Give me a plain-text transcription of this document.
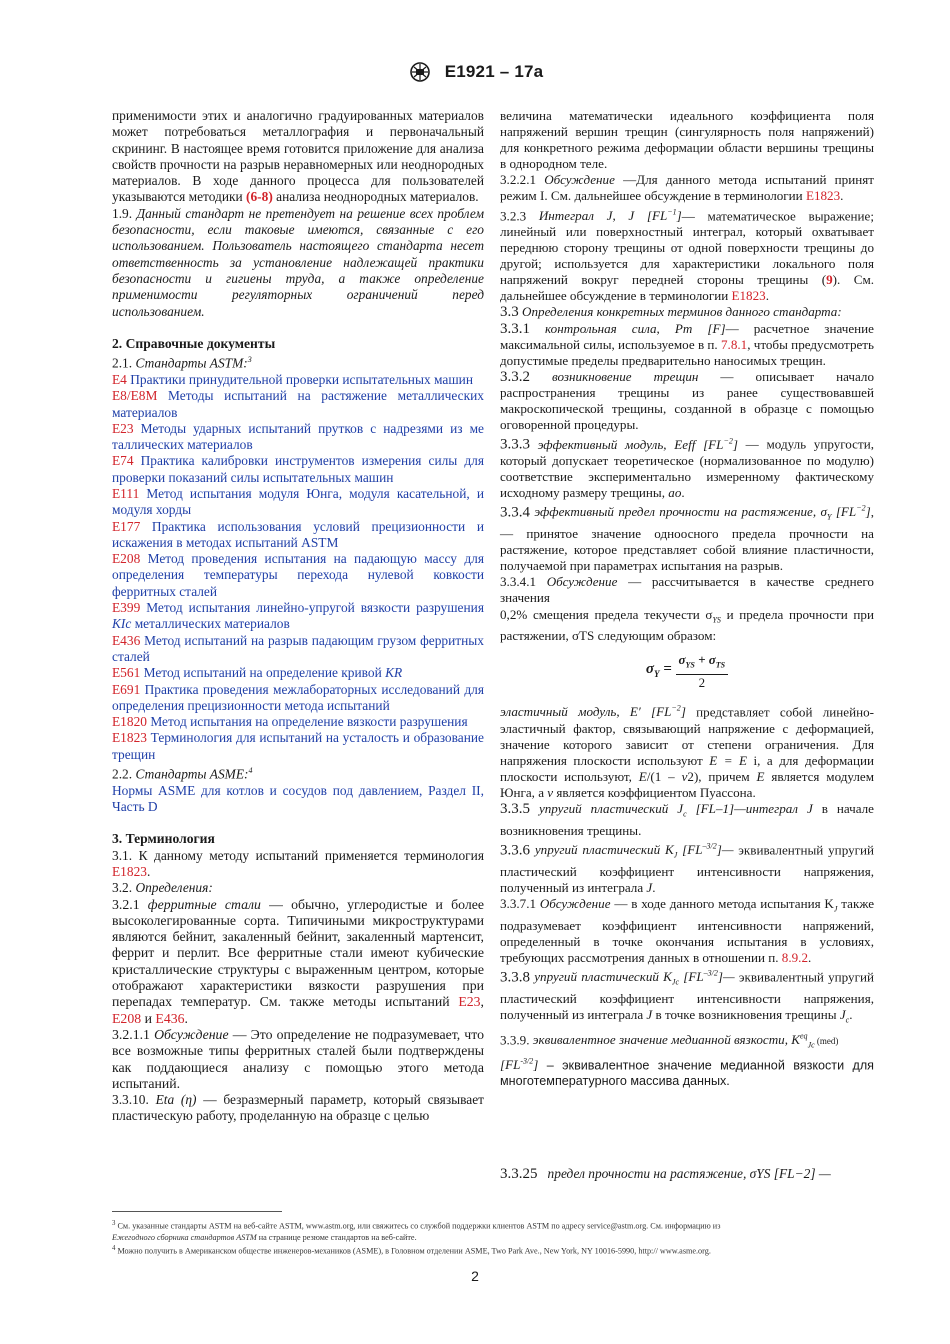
E1921 – 17a

применимости этих и аналогично градуированных материалов может потребоваться металлография и первоначальный скрининг. В настоящее время готовится приложение для анализа свойств прочности на разрыв неравномерных или неоднородных материалов. В ходе данного процесса для пользователей указываются методики (6-8) анализа неоднородных материалов.

1.9. Данный стандарт не претендует на решение всех проблем безопасности, если таковые имеются, связанные с его использованием. Пользователь настоящего стандарта несет ответственность за установление надлежащей практики безопасности и гигиены труда, а также определение применимости регуляторных ограничений перед использованием.

2. Справочные документы

2.1. Стандарты ASTM:$^3$

E4 Практики принудительной проверки испытательных машин

E8/E8M Методы испытаний на растяжение металлических материалов

E23 Методы ударных испытаний прутков с надрезями из ме таллических материалов

E74 Практика калибровки инструментов измерения силы для проверки показаний силы испытательных машин

E111 Метод испытания модуля Юнга, модуля касательной, и модуля хорды

E177 Практика использования условий прецизионности и искажения в методах испытаний ASTM

E208 Метод проведения испытания на падающую массу для определения температуры перехода нулевой ковкости ферритных сталей

E399 Метод испытания линейно-упругой вязкости разрушения KIc металлических материалов

E436 Метод испытаний на разрыв падающим грузом ферритных сталей

E561 Метод испытаний на определение кривой KR

E691 Практика проведения межлабораторных исследований для определения прецизионности метода испытаний

E1820 Метод испытания на определение вязкости разрушения

E1823 Терминология для испытаний на усталость и образование трещин

2.2. Стандарты ASME:$^4$

Нормы ASME для котлов и сосудов под давлением, Раздел II, Часть D

3. Терминология

3.1. К данному методу испытаний применяется терминология E1823.

3.2. Определения:

3.2.1 ферритные стали — обычно, углеродистые и более высоколегированные сорта. Типичиными микроструктурами являются бейнит, закаленный бейнит, закаленный мартенсит, феррит и перлит. Все ферритные стали имеют кубические кристаллические структуры с выраженным центром, которые отображают характеристики вязкости разрушения при перепадах температур. См. также методы испытаний E23, E208 и E436.

3.2.1.1 Обсуждение — Это определение не подразумевает, что все возможные типы ферритных сталей были подтверждены как поддающиеся анализу с помощью этого метода испытаний.

3.3.10. Eta (η) — безразмерный параметр, который связывает пластическую работу, проделанную на образце с целью

величина математически идеального коэффициента поля напряжений вершин трещин (сингулярность поля напряжений) для конкретного режима деформации области вершины трещины в однородном теле.

3.2.2.1 Обсуждение —Для данного метода испытаний принят режим I. См. дальнейшее обсуждение в терминологии E1823.

3.2.3 Интеграл J, J $[FL^{-1}]—$ математическое выражение; линейный или поверхностный интеграл, который охватывает переднюю сторону трещины от одной поверхности трещины до другой; используется для характеристики локального поля напряжений вокруг передней стороны трещины (9). См. дальнейшее обсуждение в терминологии E1823.

3.3 Определения конкретных терминов данного стандарта:

3.3.1 контрольная сила, Pm [F]— расчетное значение максимальной силы, используемое в п. 7.8.1, чтобы предусмотреть допустимые пределы предварительно наносимых трещин.

3.3.2 возникновение трещин — описывает начало распространения трещины из ранее существовавшей макроскопической трещины, созданной в образце с помощью оговоренной процедуры.

3.3.3 эффективный модуль, Eeff $[FL^{-2}]$ — модуль упругости, который допускает теоретическое (нормализованное по модулю) соответствие экспериментально измеренному фактическому исходному размеру трещины, ao.

3.3.4 эффективный предел прочности на растяжение, $\sigma_Y$ $[FL^{-2}]$, — принятое значение одноосного предела прочности на растяжение, которое представляет собой влияние пластичности, получаемой при параметрах испытания на разрыв.

3.3.4.1 Обсуждение — рассчитывается в качестве среднего значения

0,2% смещения предела текучести $\sigma_{YS}$ и предела прочности при растяжении, σTS следующим образом:

$\sigma_Y = \frac{\sigma_{YS} + \sigma_{TS}}{2}$

эластичный модуль, E′ $[FL^{-2}]$ представляет собой линейно-эластичный фактор, связывающий напряжение с деформацией, значение которого зависит от степени ограничения. Для напряжения плоскости используют E = E i, а для деформации плоскости используют, E/(1 – v2), причем E является модулем Юнга, а v является коэффициентом Пуассона.

3.3.5 упругий пластический $J_c$ [FL–1]—интеграл J в начале возникновения трещины.

3.3.6 упругий пластический $K_J$ $[FL^{-3/2}]—$ эквивалентный упругий пластический коэффициент интенсивности напряжения, полученный из интеграла J.

3.3.7.1 Обсуждение — в ходе данного метода испытания $K_J$ также подразумевает коэффициент интенсивности напряжений, определенный в точке окончания испытания в условиях, требующих рассмотрения данных в отношении п. 8.9.2.

3.3.8 упругий пластический $K_{Jc}$ $[FL^{-3/2}]—$ эквивалентный упругий пластический коэффициент интенсивности напряжения, полученный из интеграла J в точке возникновения трещины $J_c$.

3.3.9. эквивалентное значение медианной вязкости, $K^{eq}_{Jc}$ (med)
$[FL^{-3/2}]$ – эквивалентное значение медианной вязкости для многотемпературного массива данных.

3.3.25 предел прочности на растяжение, σYS [FL−2] —

$^3$ См. указанные стандарты ASTM на веб-сайте ASTM, www.astm.org, или свяжитесь со службой поддержки клиентов ASTM по адресу service@astm.org. См. информацию из
Ежегодного сборника стандартов ASTM на странице резюме стандартов на веб-сайте.

$^4$ Можно получить в Американском обществе инженеров-механиков (ASME), в Головном отделении ASME, Two Park Ave., New York, NY 10016-5990, http:// www.asme.org.

2
